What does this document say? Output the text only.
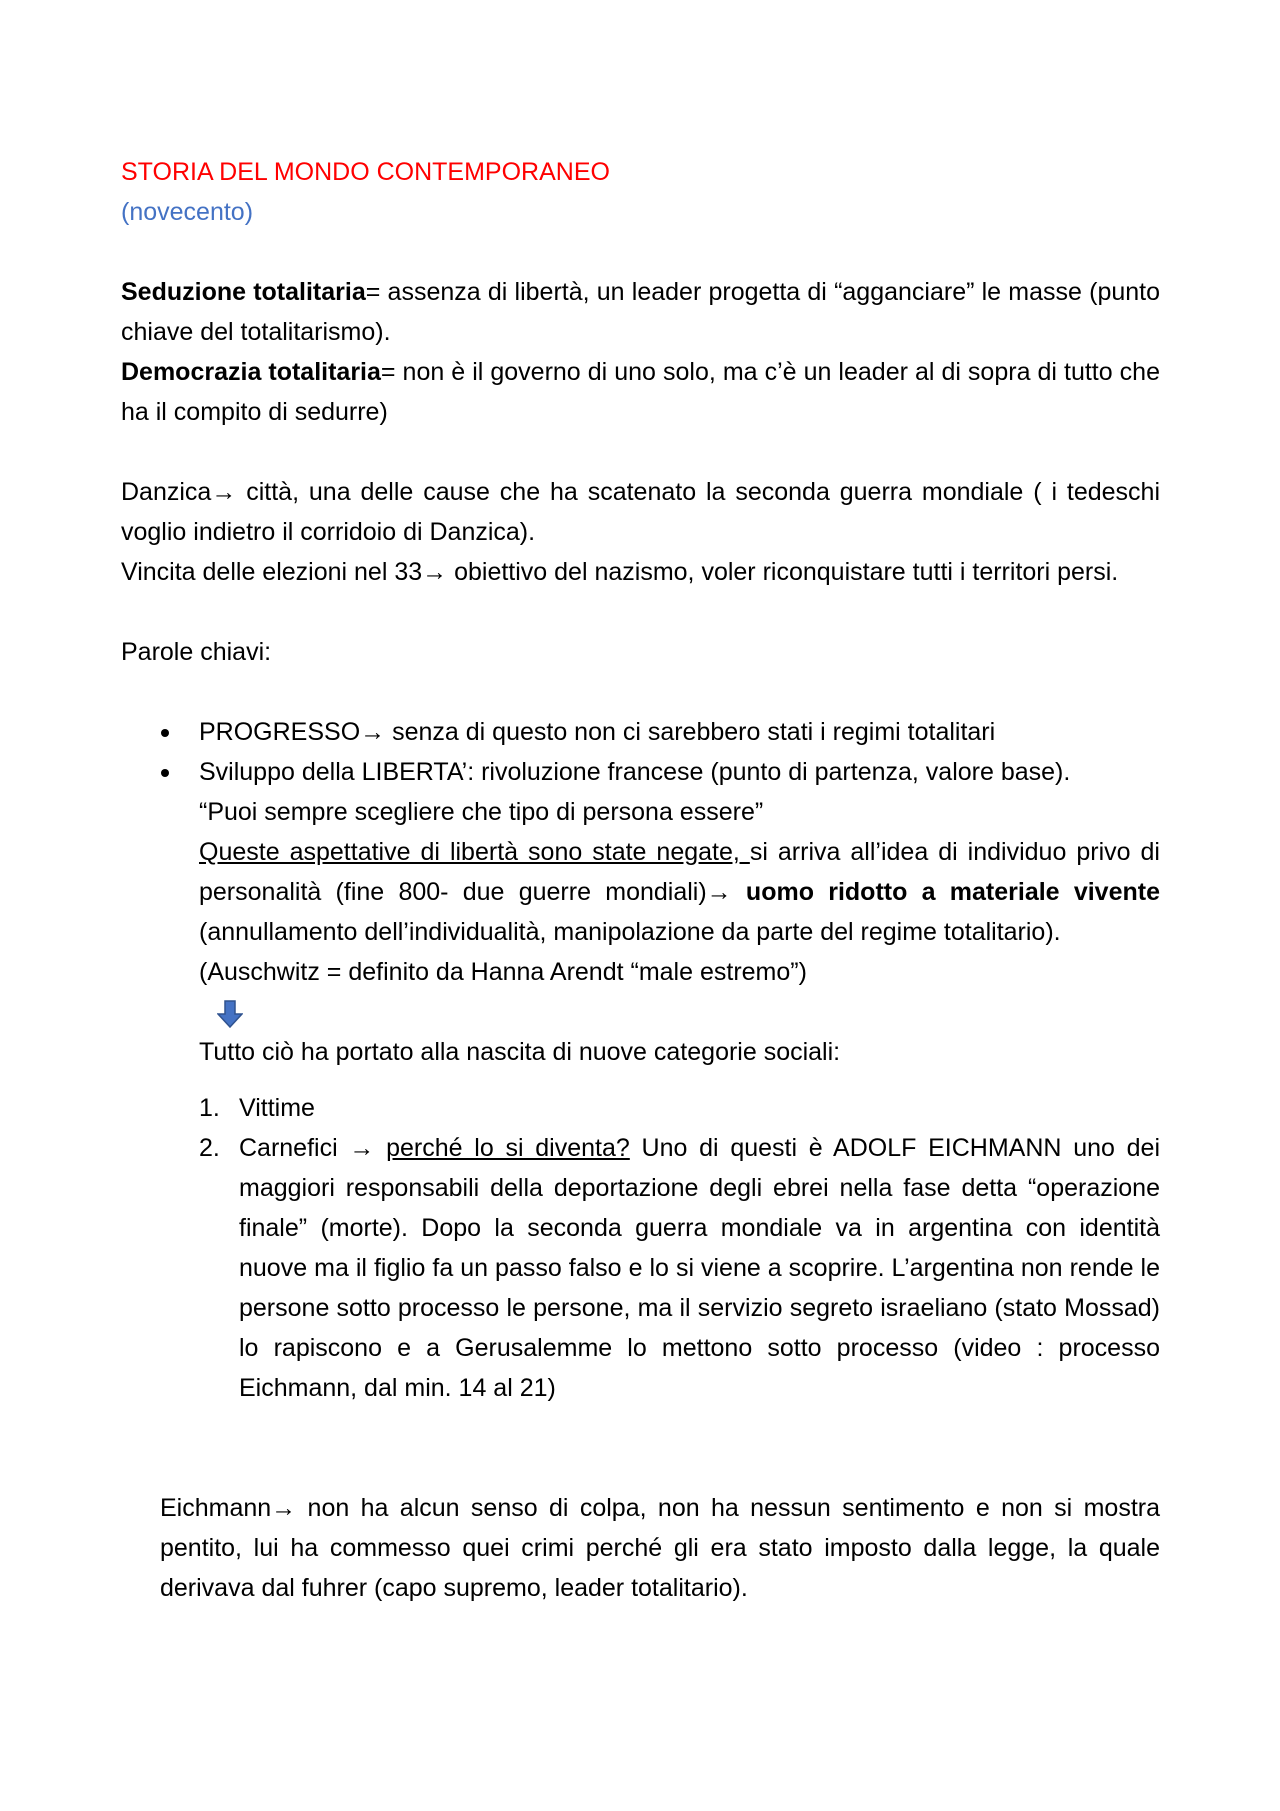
STORIA DEL MONDO CONTEMPORANEO
(novecento)

Seduzione totalitaria= assenza di libertà, un leader progetta di “agganciare” le masse (punto chiave del totalitarismo).

Democrazia totalitaria= non è il governo di uno solo, ma c’è un leader al di sopra di tutto che ha il compito di sedurre)

Danzica→ città, una delle cause che ha scatenato la seconda guerra mondiale ( i tedeschi voglio indietro il corridoio di Danzica).

Vincita delle elezioni nel 33→ obiettivo del nazismo, voler riconquistare tutti i territori persi.

Parole chiavi:

PROGRESSO→ senza di questo non ci sarebbero stati i regimi totalitari
Sviluppo della LIBERTA’: rivoluzione francese (punto di partenza, valore base).
“Puoi sempre scegliere che tipo di persona essere”
Queste aspettative di libertà sono state negate, si arriva all’idea di individuo privo di personalità (fine 800- due guerre mondiali)→ uomo ridotto a materiale vivente (annullamento dell’individualità, manipolazione da parte del regime totalitario).
(Auschwitz = definito da Hanna Arendt “male estremo”)
Tutto ciò ha portato alla nascita di nuove categorie sociali:
1. Vittime
2. Carnefici → perché lo si diventa? Uno di questi è ADOLF EICHMANN uno dei maggiori responsabili della deportazione degli ebrei nella fase detta “operazione finale” (morte). Dopo la seconda guerra mondiale va in argentina con identità nuove ma il figlio fa un passo falso e lo si viene a scoprire. L’argentina non rende le persone sotto processo le persone, ma il servizio segreto israeliano (stato Mossad) lo rapiscono e a Gerusalemme lo mettono sotto processo (video : processo Eichmann, dal min. 14 al 21)

Eichmann→ non ha alcun senso di colpa, non ha nessun sentimento e non si mostra pentito, lui ha commesso quei crimi perché gli era stato imposto dalla legge, la quale derivava dal fuhrer (capo supremo, leader totalitario).
